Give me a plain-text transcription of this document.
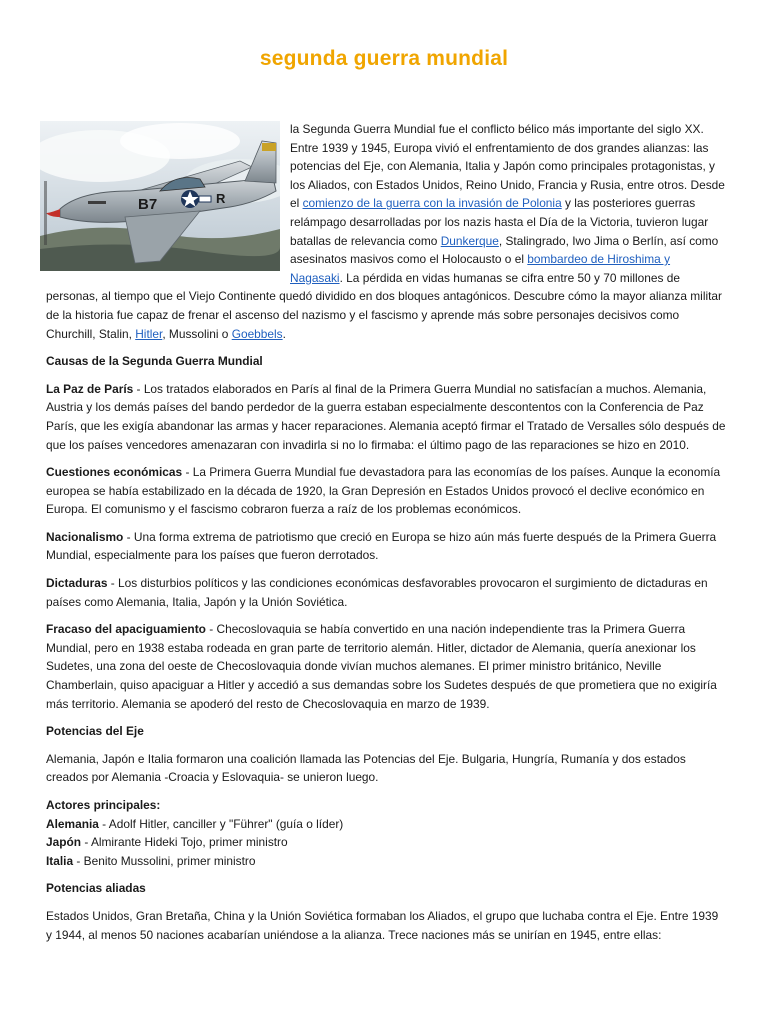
segunda guerra mundial
B7	R

la Segunda Guerra Mundial fue el conflicto bélico más importante del siglo XX. Entre 1939 y 1945, Europa vivió el enfrentamiento de dos grandes alianzas: las potencias del Eje, con Alemania, Italia y Japón como principales protagonistas, y los Aliados, con Estados Unidos, Reino Unido, Francia y Rusia, entre otros. Desde el comienzo de la guerra con la invasión de Polonia y las posteriores guerras relámpago desarrolladas por los nazis hasta el Día de la Victoria, tuvieron lugar batallas de relevancia como Dunkerque, Stalingrado, Iwo Jima o Berlín, así como asesinatos masivos como el Holocausto o el bombardeo de Hiroshima y Nagasaki. La pérdida en vidas humanas se cifra entre 50 y 70 millones de personas, al tiempo que el Viejo Continente quedó dividido en dos bloques antagónicos. Descubre cómo la mayor alianza militar de la historia fue capaz de frenar el ascenso del nazismo y el fascismo y aprende más sobre personajes decisivos como Churchill, Stalin, Hitler, Mussolini o Goebbels.

Causas de la Segunda Guerra Mundial

La Paz de París - Los tratados elaborados en París al final de la Primera Guerra Mundial no satisfacían a muchos. Alemania, Austria y los demás países del bando perdedor de la guerra estaban especialmente descontentos con la Conferencia de Paz París, que les exigía abandonar las armas y hacer reparaciones. Alemania aceptó firmar el Tratado de Versalles sólo después de que los países vencedores amenazaran con invadirla si no lo firmaba: el último pago de las reparaciones se hizo en 2010.

Cuestiones económicas - La Primera Guerra Mundial fue devastadora para las economías de los países. Aunque la economía europea se había estabilizado en la década de 1920, la Gran Depresión en Estados Unidos provocó el declive económico en Europa. El comunismo y el fascismo cobraron fuerza a raíz de los problemas económicos.

Nacionalismo - Una forma extrema de patriotismo que creció en Europa se hizo aún más fuerte después de la Primera Guerra Mundial, especialmente para los países que fueron derrotados.

Dictaduras - Los disturbios políticos y las condiciones económicas desfavorables provocaron el surgimiento de dictaduras en países como Alemania, Italia, Japón y la Unión Soviética.

Fracaso del apaciguamiento - Checoslovaquia se había convertido en una nación independiente tras la Primera Guerra Mundial, pero en 1938 estaba rodeada en gran parte de territorio alemán. Hitler, dictador de Alemania, quería anexionar los Sudetes, una zona del oeste de Checoslovaquia donde vivían muchos alemanes. El primer ministro británico, Neville Chamberlain, quiso apaciguar a Hitler y accedió a sus demandas sobre los Sudetes después de que prometiera que no exigiría más territorio. Alemania se apoderó del resto de Checoslovaquia en marzo de 1939.

Potencias del Eje

Alemania, Japón e Italia formaron una coalición llamada las Potencias del Eje. Bulgaria, Hungría, Rumanía y dos estados creados por Alemania -Croacia y Eslovaquia- se unieron luego.

Actores principales:
Alemania - Adolf Hitler, canciller y "Führer" (guía o líder)
Japón - Almirante Hideki Tojo, primer ministro
Italia - Benito Mussolini, primer ministro

Potencias aliadas

Estados Unidos, Gran Bretaña, China y la Unión Soviética formaban los Aliados, el grupo que luchaba contra el Eje. Entre 1939 y 1944, al menos 50 naciones acabarían uniéndose a la alianza. Trece naciones más se unirían en 1945, entre ellas:
